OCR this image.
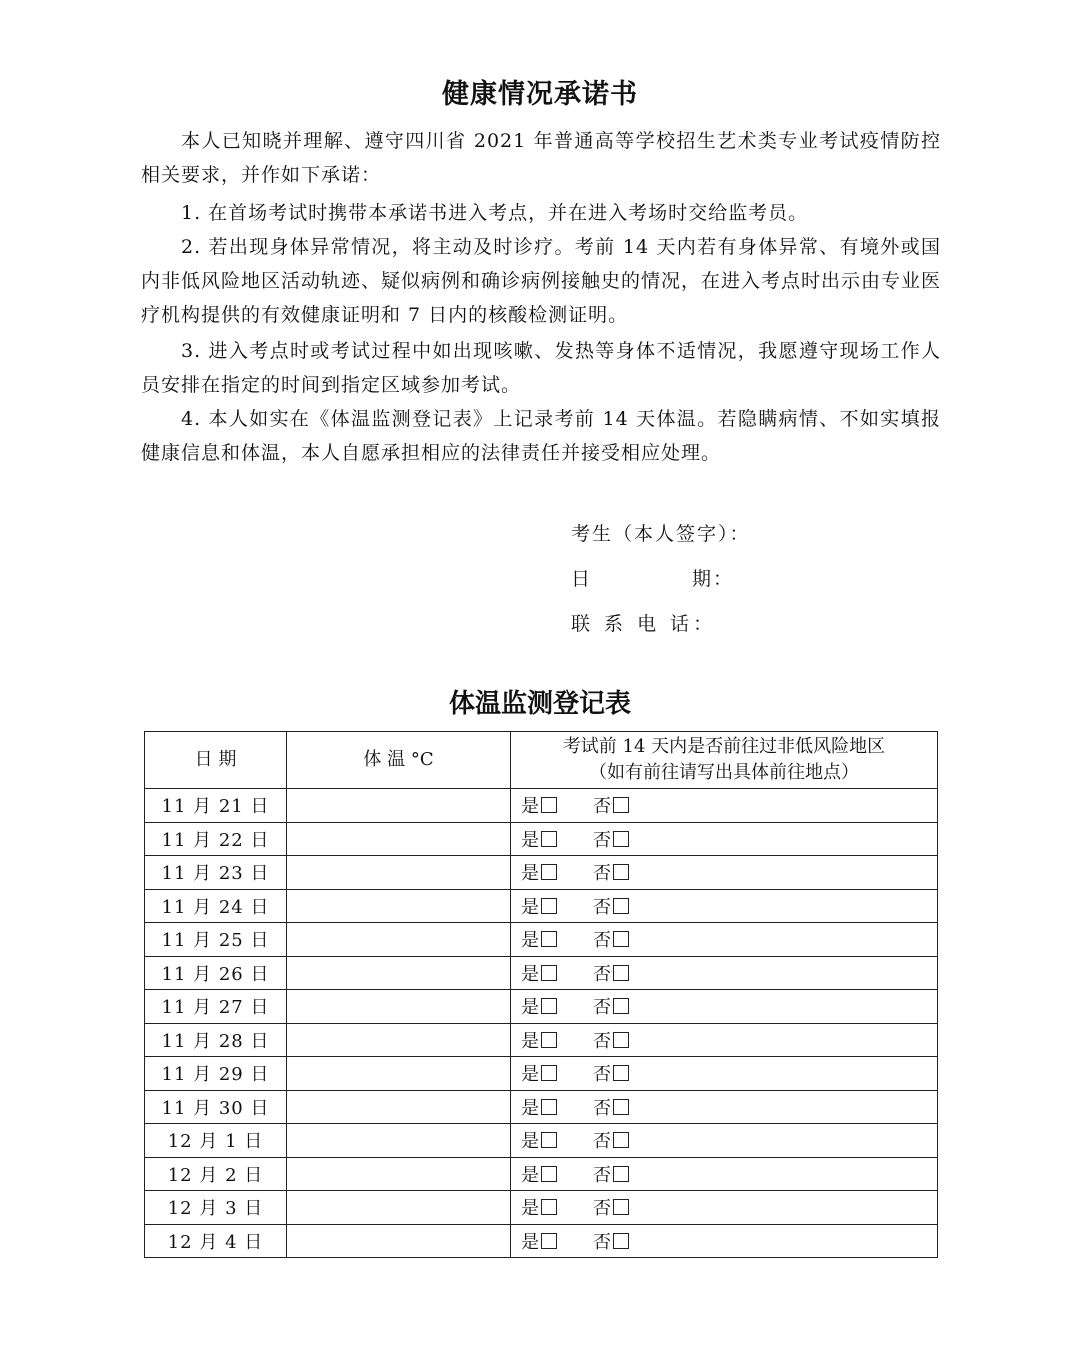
健康情况承诺书
本人已知晓并理解、遵守四川省 2021 年普通高等学校招生艺术类专业考试疫情防控相关要求，并作如下承诺：
1. 在首场考试时携带本承诺书进入考点，并在进入考场时交给监考员。
2. 若出现身体异常情况，将主动及时诊疗。考前 14 天内若有身体异常、有境外或国内非低风险地区活动轨迹、疑似病例和确诊病例接触史的情况，在进入考点时出示由专业医疗机构提供的有效健康证明和 7 日内的核酸检测证明。
3. 进入考点时或考试过程中如出现咳嗽、发热等身体不适情况，我愿遵守现场工作人员安排在指定的时间到指定区域参加考试。
4. 本人如实在《体温监测登记表》上记录考前 14 天体温。若隐瞒病情、不如实填报健康信息和体温，本人自愿承担相应的法律责任并接受相应处理。
考生（本人签字）：
日	期：
联 系 电 话：
体温监测登记表
日 期	体 温 °C	考试前 14 天内是否前往过非低风险地区
（如有前往请写出具体前往地点）

11 月 21 日		是 否
11 月 22 日		是 否
11 月 23 日		是 否
11 月 24 日		是 否
11 月 25 日		是 否
11 月 26 日		是 否
11 月 27 日		是 否
11 月 28 日		是 否
11 月 29 日		是 否
11 月 30 日		是 否
12 月 1 日		是 否
12 月 2 日		是 否
12 月 3 日		是 否
12 月 4 日		是 否
